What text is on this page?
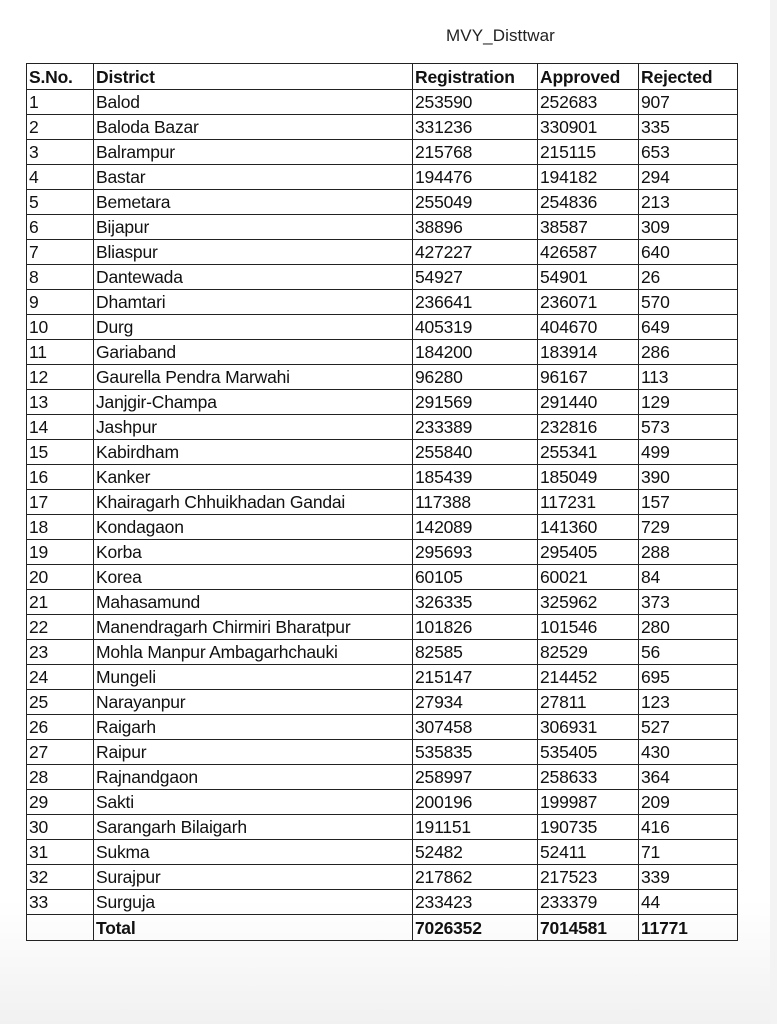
MVY_Disttwar
S.No.	District	Registration	Approved	Rejected
1	Balod	253590	252683	907
2	Baloda Bazar	331236	330901	335
3	Balrampur	215768	215115	653
4	Bastar	194476	194182	294
5	Bemetara	255049	254836	213
6	Bijapur	38896	38587	309
7	Bliaspur	427227	426587	640
8	Dantewada	54927	54901	26
9	Dhamtari	236641	236071	570
10	Durg	405319	404670	649
11	Gariaband	184200	183914	286
12	Gaurella Pendra Marwahi	96280	96167	113
13	Janjgir-Champa	291569	291440	129
14	Jashpur	233389	232816	573
15	Kabirdham	255840	255341	499
16	Kanker	185439	185049	390
17	Khairagarh Chhuikhadan Gandai	117388	117231	157
18	Kondagaon	142089	141360	729
19	Korba	295693	295405	288
20	Korea	60105	60021	84
21	Mahasamund	326335	325962	373
22	Manendragarh Chirmiri Bharatpur	101826	101546	280
23	Mohla Manpur Ambagarhchauki	82585	82529	56
24	Mungeli	215147	214452	695
25	Narayanpur	27934	27811	123
26	Raigarh	307458	306931	527
27	Raipur	535835	535405	430
28	Rajnandgaon	258997	258633	364
29	Sakti	200196	199987	209
30	Sarangarh Bilaigarh	191151	190735	416
31	Sukma	52482	52411	71
32	Surajpur	217862	217523	339
33	Surguja	233423	233379	44
	Total	7026352	7014581	11771
